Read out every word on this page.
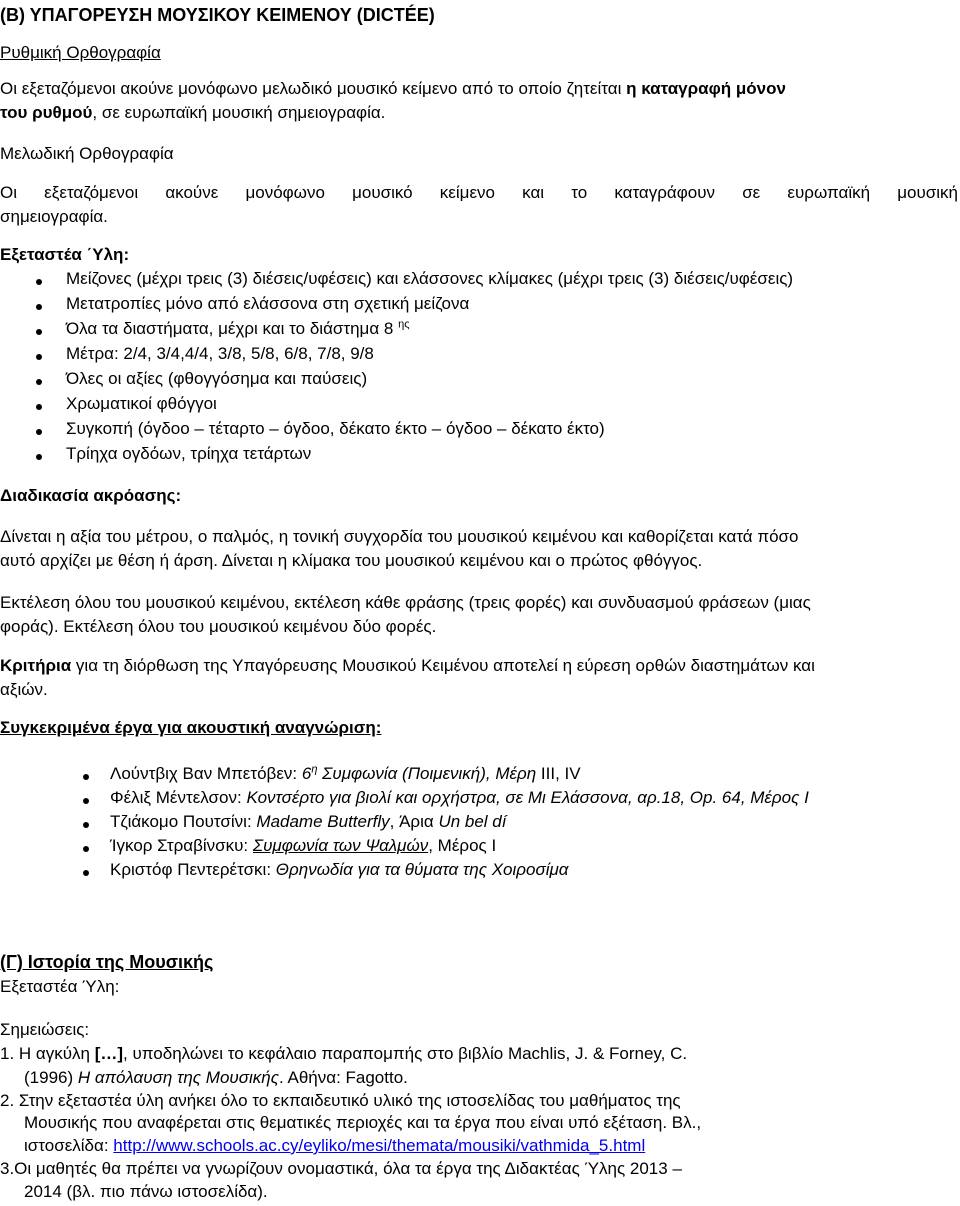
(Β) ΥΠΑΓΟΡΕΥΣΗ ΜΟΥΣΙΚΟΥ ΚΕΙΜΕΝΟΥ (DICTÉE)
Ρυθμική Ορθογραφία
Οι εξεταζόμενοι ακούνε μονόφωνο μελωδικό μουσικό κείμενο από το οποίο ζητείται η καταγραφή μόνον
του ρυθμού, σε ευρωπαϊκή μουσική σημειογραφία.
Μελωδική Ορθογραφία
Οι εξεταζόμενοι ακούνε μονόφωνο μουσικό κείμενο και το καταγράφουν σε ευρωπαϊκή μουσική
σημειογραφία.
Εξεταστέα ΄Υλη:
Μείζονες (μέχρι τρεις (3) διέσεις/υφέσεις) και ελάσσονες κλίμακες (μέχρι τρεις (3) διέσεις/υφέσεις)
Μετατροπίες μόνο από ελάσσονα στη σχετική μείζονα
Όλα τα διαστήματα, μέχρι και το διάστημα 8 $^{\eta\varsigma}$
Μέτρα: 2/4, 3/4,4/4, 3/8, 5/8, 6/8, 7/8, 9/8
Όλες οι αξίες (φθογγόσημα και παύσεις)
Χρωματικοί φθόγγοι
Συγκοπή (όγδοο – τέταρτο – όγδοο, δέκατο έκτο – όγδοο – δέκατο έκτο)
Τρίηχα ογδόων, τρίηχα τετάρτων
Διαδικασία ακρόασης:
Δίνεται η αξία του μέτρου, ο παλμός, η τονική συγχορδία του μουσικού κειμένου και καθορίζεται κατά πόσο
αυτό αρχίζει με θέση ή άρση. Δίνεται η κλίμακα του μουσικού κειμένου και ο πρώτος φθόγγος.
Εκτέλεση όλου του μουσικού κειμένου, εκτέλεση κάθε φράσης (τρεις φορές) και συνδυασμού φράσεων (μιας
φοράς). Εκτέλεση όλου του μουσικού κειμένου δύο φορές.
Κριτήρια για τη διόρθωση της Υπαγόρευσης Μουσικού Κειμένου αποτελεί η εύρεση ορθών διαστημάτων και
αξιών.
Συγκεκριμένα έργα για ακουστική αναγνώριση:
Λούντβιχ Βαν Μπετόβεν: $6^\eta$ Συμφωνία (Ποιμενική), Μέρη III, IV
Φέλιξ Μέντελσον: Κοντσέρτο για βιολί και ορχήστρα, σε Μι Ελάσσονα, αρ.18, Op. 64, Μέρος Ι
Τζιάκομο Πουτσίνι: Madame Butterfly, Άρια Un bel dí
Ίγκορ Στραβίνσκυ: Συμφωνία των Ψαλμών, Μέρος Ι
Κριστόφ Πεντερέτσκι: Θρηνωδία για τα θύματα της Χοιροσίμα
(Γ) Ιστορία της Μουσικής
Εξεταστέα Ύλη:
Σημειώσεις:
1. Η αγκύλη […], υποδηλώνει το κεφάλαιο παραπομπής στο βιβλίο Machlis, J. & Forney, C.
(1996) Η απόλαυση της Μουσικής. Αθήνα: Fagotto.
2. Στην εξεταστέα ύλη ανήκει όλο το εκπαιδευτικό υλικό της ιστοσελίδας του μαθήματος της
Μουσικής που αναφέρεται στις θεματικές περιοχές και τα έργα που είναι υπό εξέταση. Βλ.,
ιστοσελίδα: http://www.schools.ac.cy/eyliko/mesi/themata/mousiki/vathmida_5.html
3.Οι μαθητές θα πρέπει να γνωρίζουν ονομαστικά, όλα τα έργα της Διδακτέας Ύλης 2013 –
2014 (βλ. πιο πάνω ιστοσελίδα).
